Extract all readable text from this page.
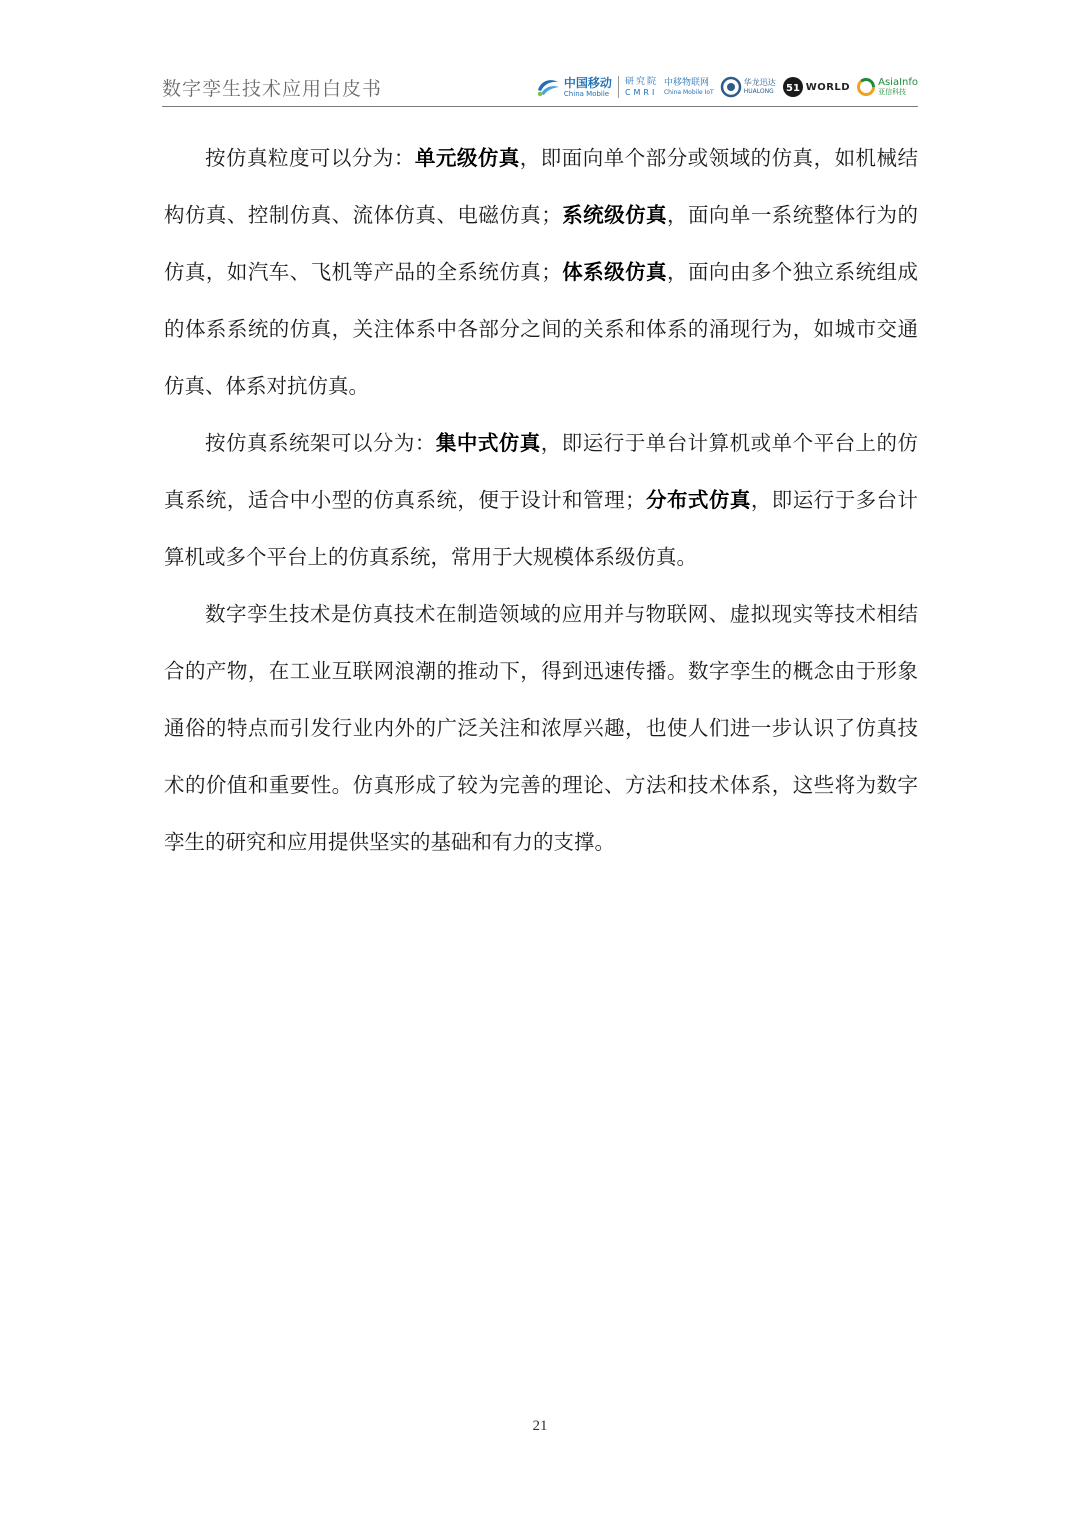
数字孪生技术应用白皮书	中国移动
China Mobile
研究院
CMRI
中移物联网
China Mobile IoT
华龙迅达
HUALONG 51 WORLD	AsiaInfo
亚信科技

按仿真粒度可以分为：单元级仿真，即面向单个部分或领域的仿真，如机械结构仿真、控制仿真、流体仿真、电磁仿真；系统级仿真，面向单一系统整体行为的仿真，如汽车、飞机等产品的全系统仿真；体系级仿真，面向由多个独立系统组成的体系系统的仿真，关注体系中各部分之间的关系和体系的涌现行为，如城市交通仿真、体系对抗仿真。

按仿真系统架可以分为：集中式仿真，即运行于单台计算机或单个平台上的仿真系统，适合中小型的仿真系统，便于设计和管理；分布式仿真，即运行于多台计算机或多个平台上的仿真系统，常用于大规模体系级仿真。

数字孪生技术是仿真技术在制造领域的应用并与物联网、虚拟现实等技术相结合的产物，在工业互联网浪潮的推动下，得到迅速传播。数字孪生的概念由于形象通俗的特点而引发行业内外的广泛关注和浓厚兴趣，也使人们进一步认识了仿真技术的价值和重要性。仿真形成了较为完善的理论、方法和技术体系，这些将为数字孪生的研究和应用提供坚实的基础和有力的支撑。

21
